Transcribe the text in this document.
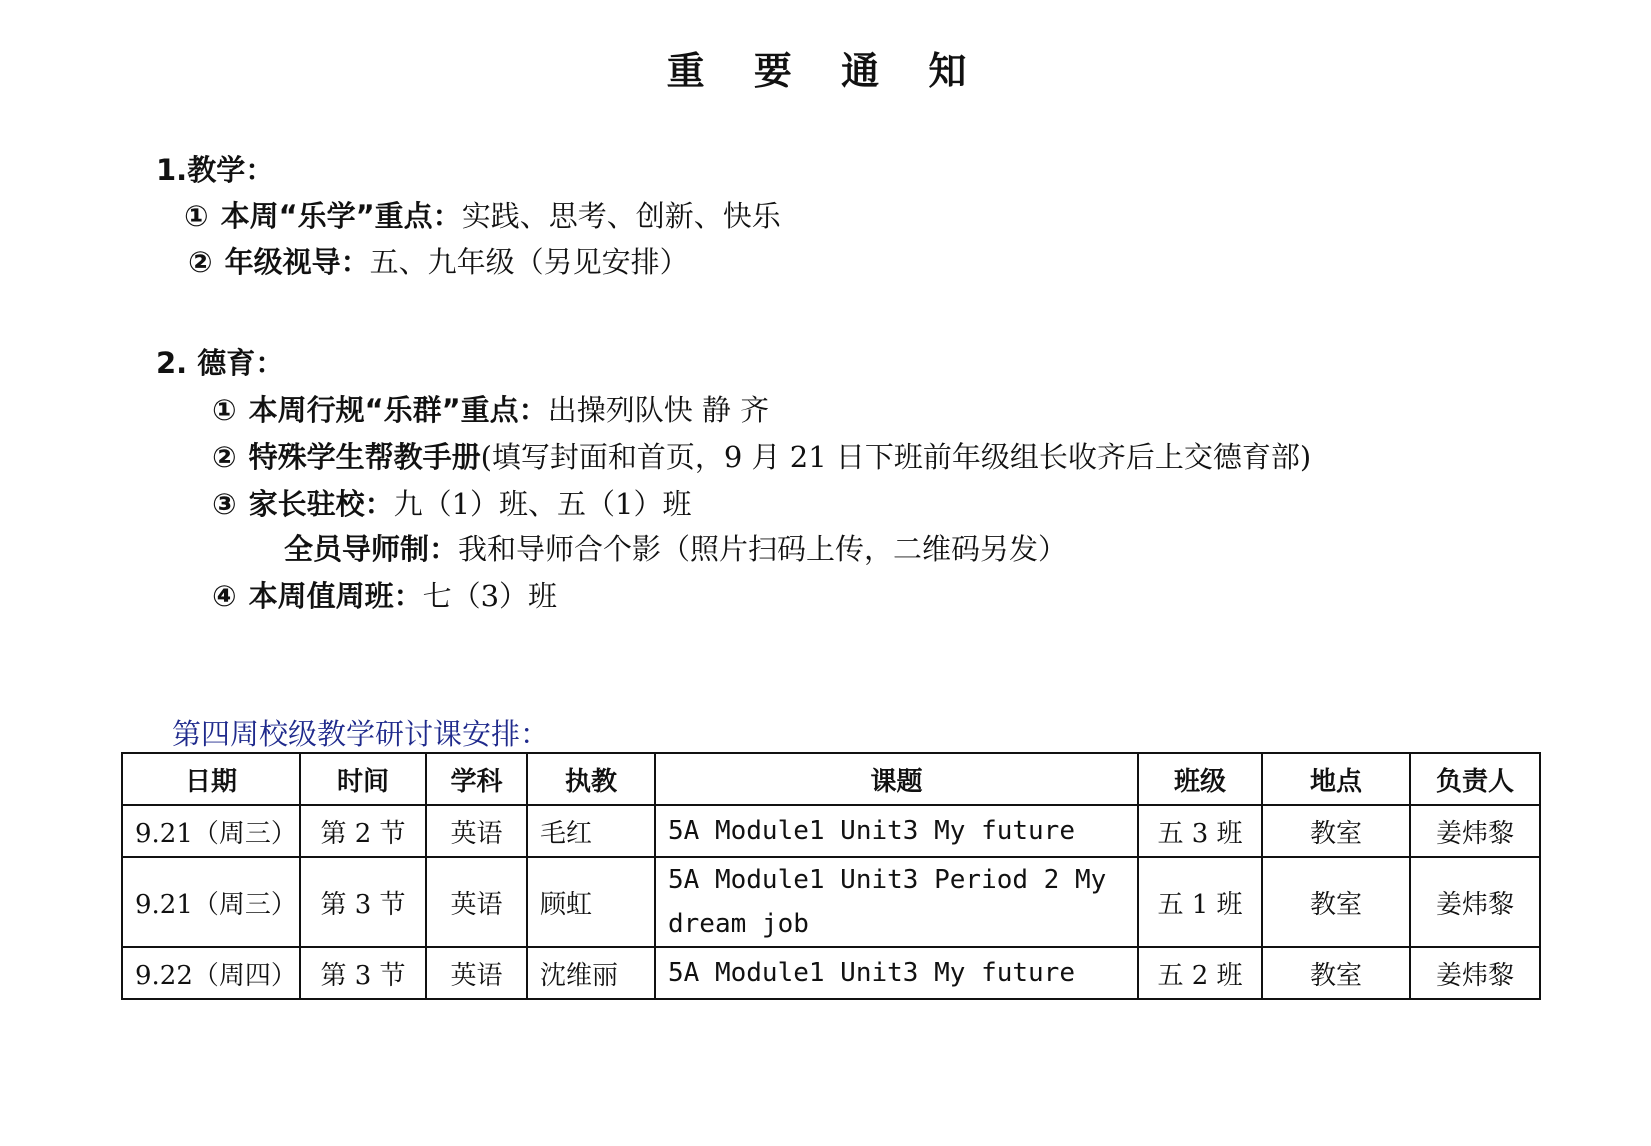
重 要 通 知
1.教学：
① 本周“乐学”重点：实践、思考、创新、快乐
② 年级视导：五、九年级（另见安排）
2. 德育：
① 本周行规“乐群”重点：出操列队快 静 齐
② 特殊学生帮教手册(填写封面和首页，9 月 21 日下班前年级组长收齐后上交德育部)
③ 家长驻校：九（1）班、五（1）班
全员导师制：我和导师合个影（照片扫码上传，二维码另发）
④ 本周值周班：七（3）班
第四周校级教学研讨课安排：
日期	时间	学科	执教	课题	班级	地点	负责人
9.21（周三）	第 2 节	英语	毛红	5A Module1 Unit3 My future	五 3 班	教室	姜炜黎
9.21（周三）	第 3 节	英语	顾虹	5A Module1 Unit3 Period 2 My dream job	五 1 班	教室	姜炜黎
9.22（周四）	第 3 节	英语	沈维丽	5A Module1 Unit3 My future	五 2 班	教室	姜炜黎
